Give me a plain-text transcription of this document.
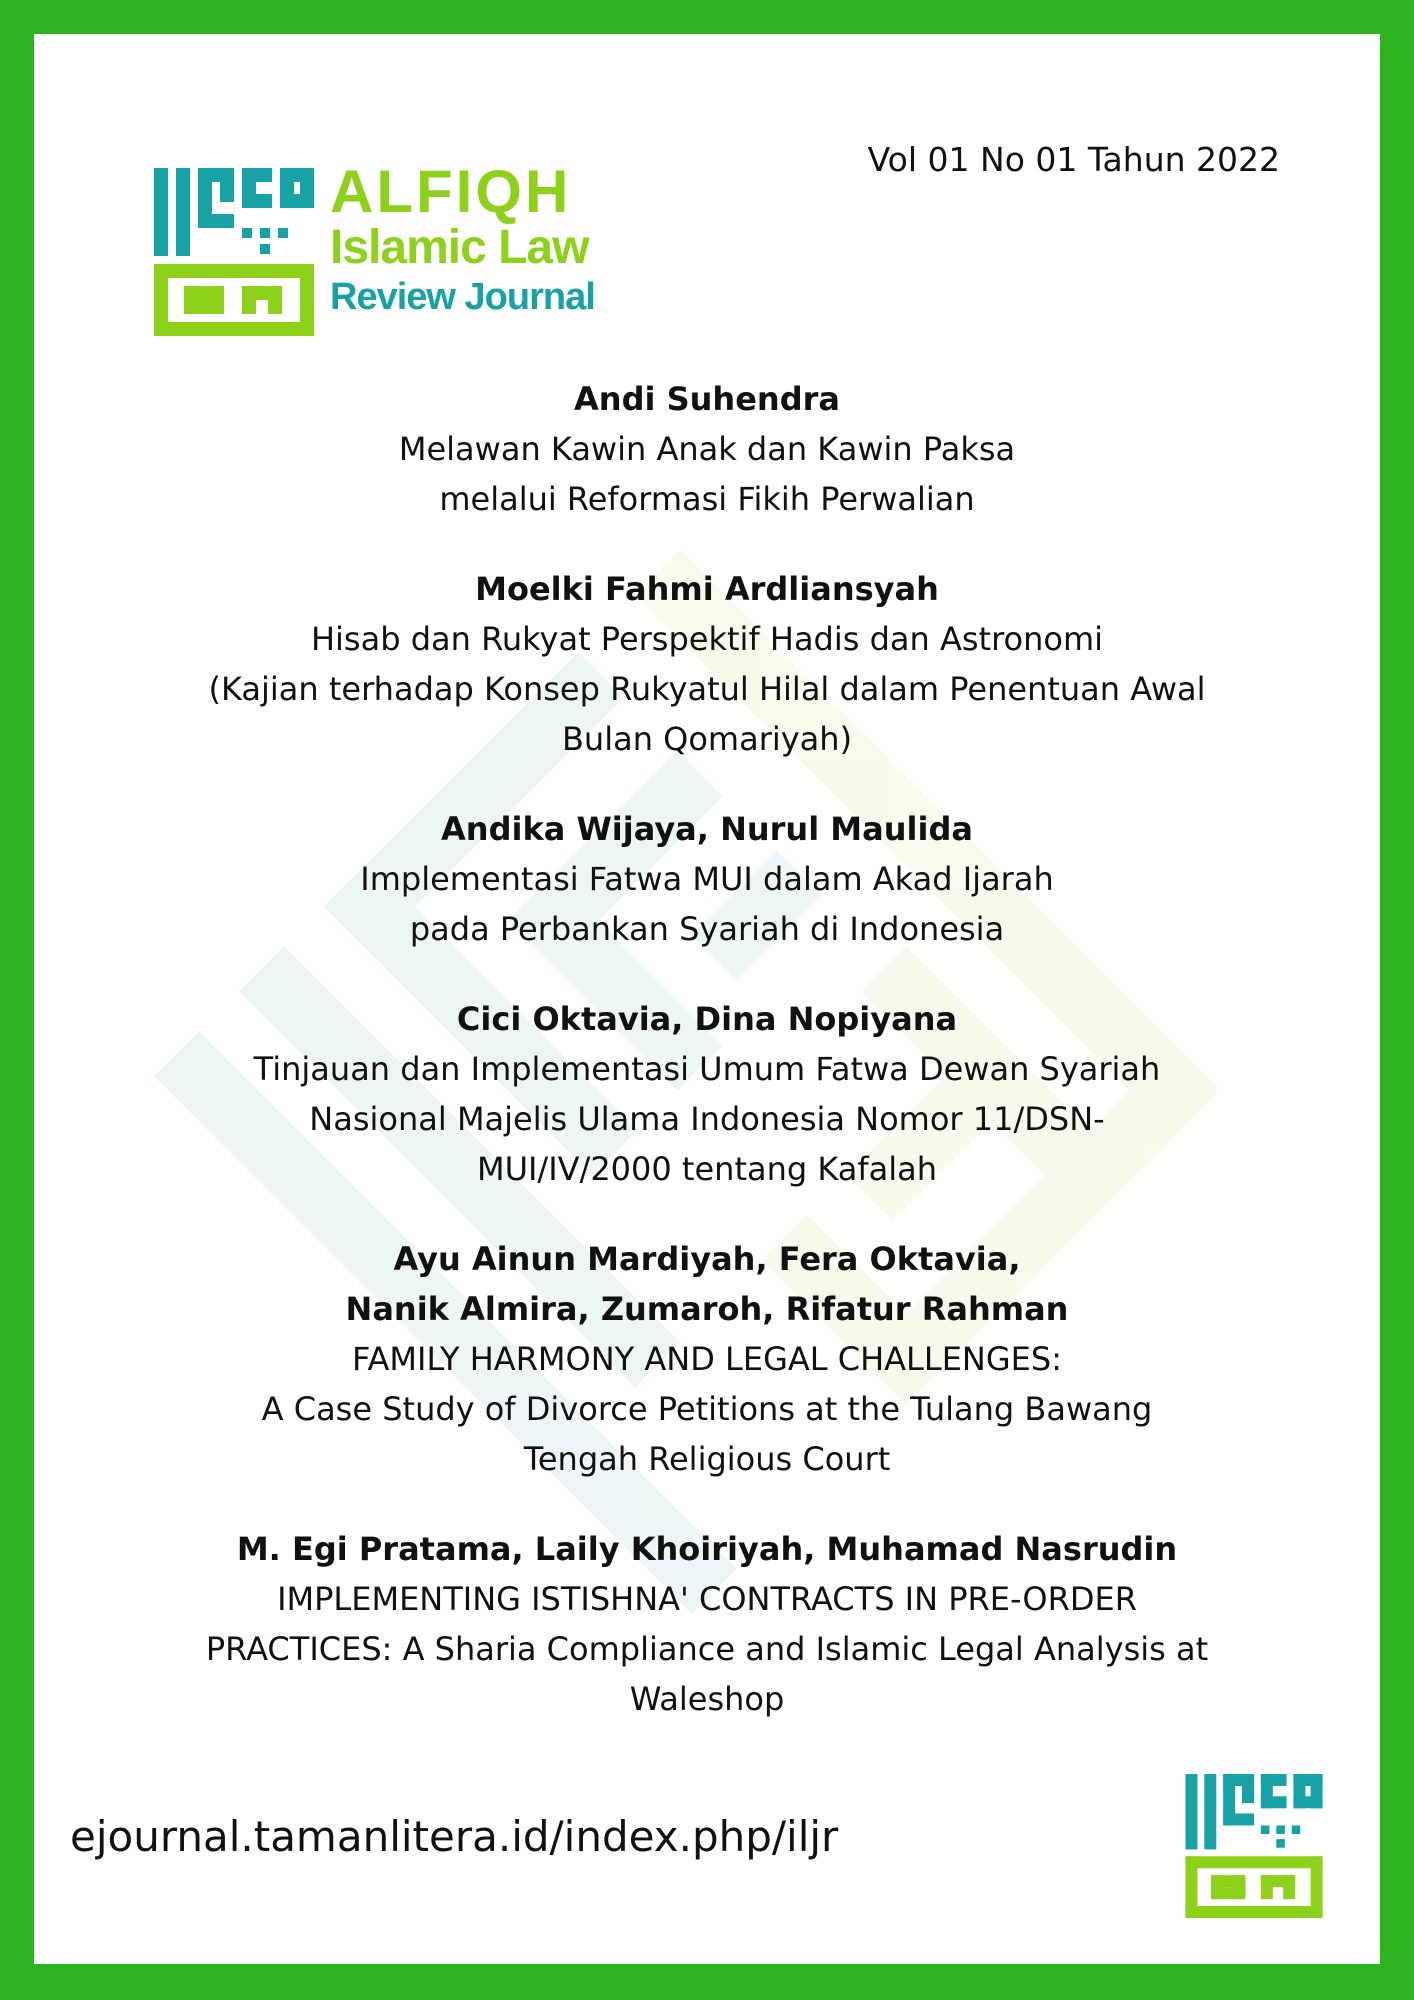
ALFIQH
Islamic Law
Review Journal
Vol 01 No 01 Tahun 2022
Andi Suhendra
Melawan Kawin Anak dan Kawin Paksa
melalui Reformasi Fikih Perwalian
Moelki Fahmi Ardliansyah
Hisab dan Rukyat Perspektif Hadis dan Astronomi
(Kajian terhadap Konsep Rukyatul Hilal dalam Penentuan Awal
Bulan Qomariyah)
Andika Wijaya, Nurul Maulida
Implementasi Fatwa MUI dalam Akad Ijarah
pada Perbankan Syariah di Indonesia
Cici Oktavia, Dina Nopiyana
Tinjauan dan Implementasi Umum Fatwa Dewan Syariah
Nasional Majelis Ulama Indonesia Nomor 11/DSN-
MUI/IV/2000 tentang Kafalah
Ayu Ainun Mardiyah, Fera Oktavia,
Nanik Almira, Zumaroh, Rifatur Rahman
FAMILY HARMONY AND LEGAL CHALLENGES:
A Case Study of Divorce Petitions at the Tulang Bawang
Tengah Religious Court
M. Egi Pratama, Laily Khoiriyah, Muhamad Nasrudin
IMPLEMENTING ISTISHNA' CONTRACTS IN PRE-ORDER
PRACTICES: A Sharia Compliance and Islamic Legal Analysis at
Waleshop
ejournal.tamanlitera.id/index.php/iljr
